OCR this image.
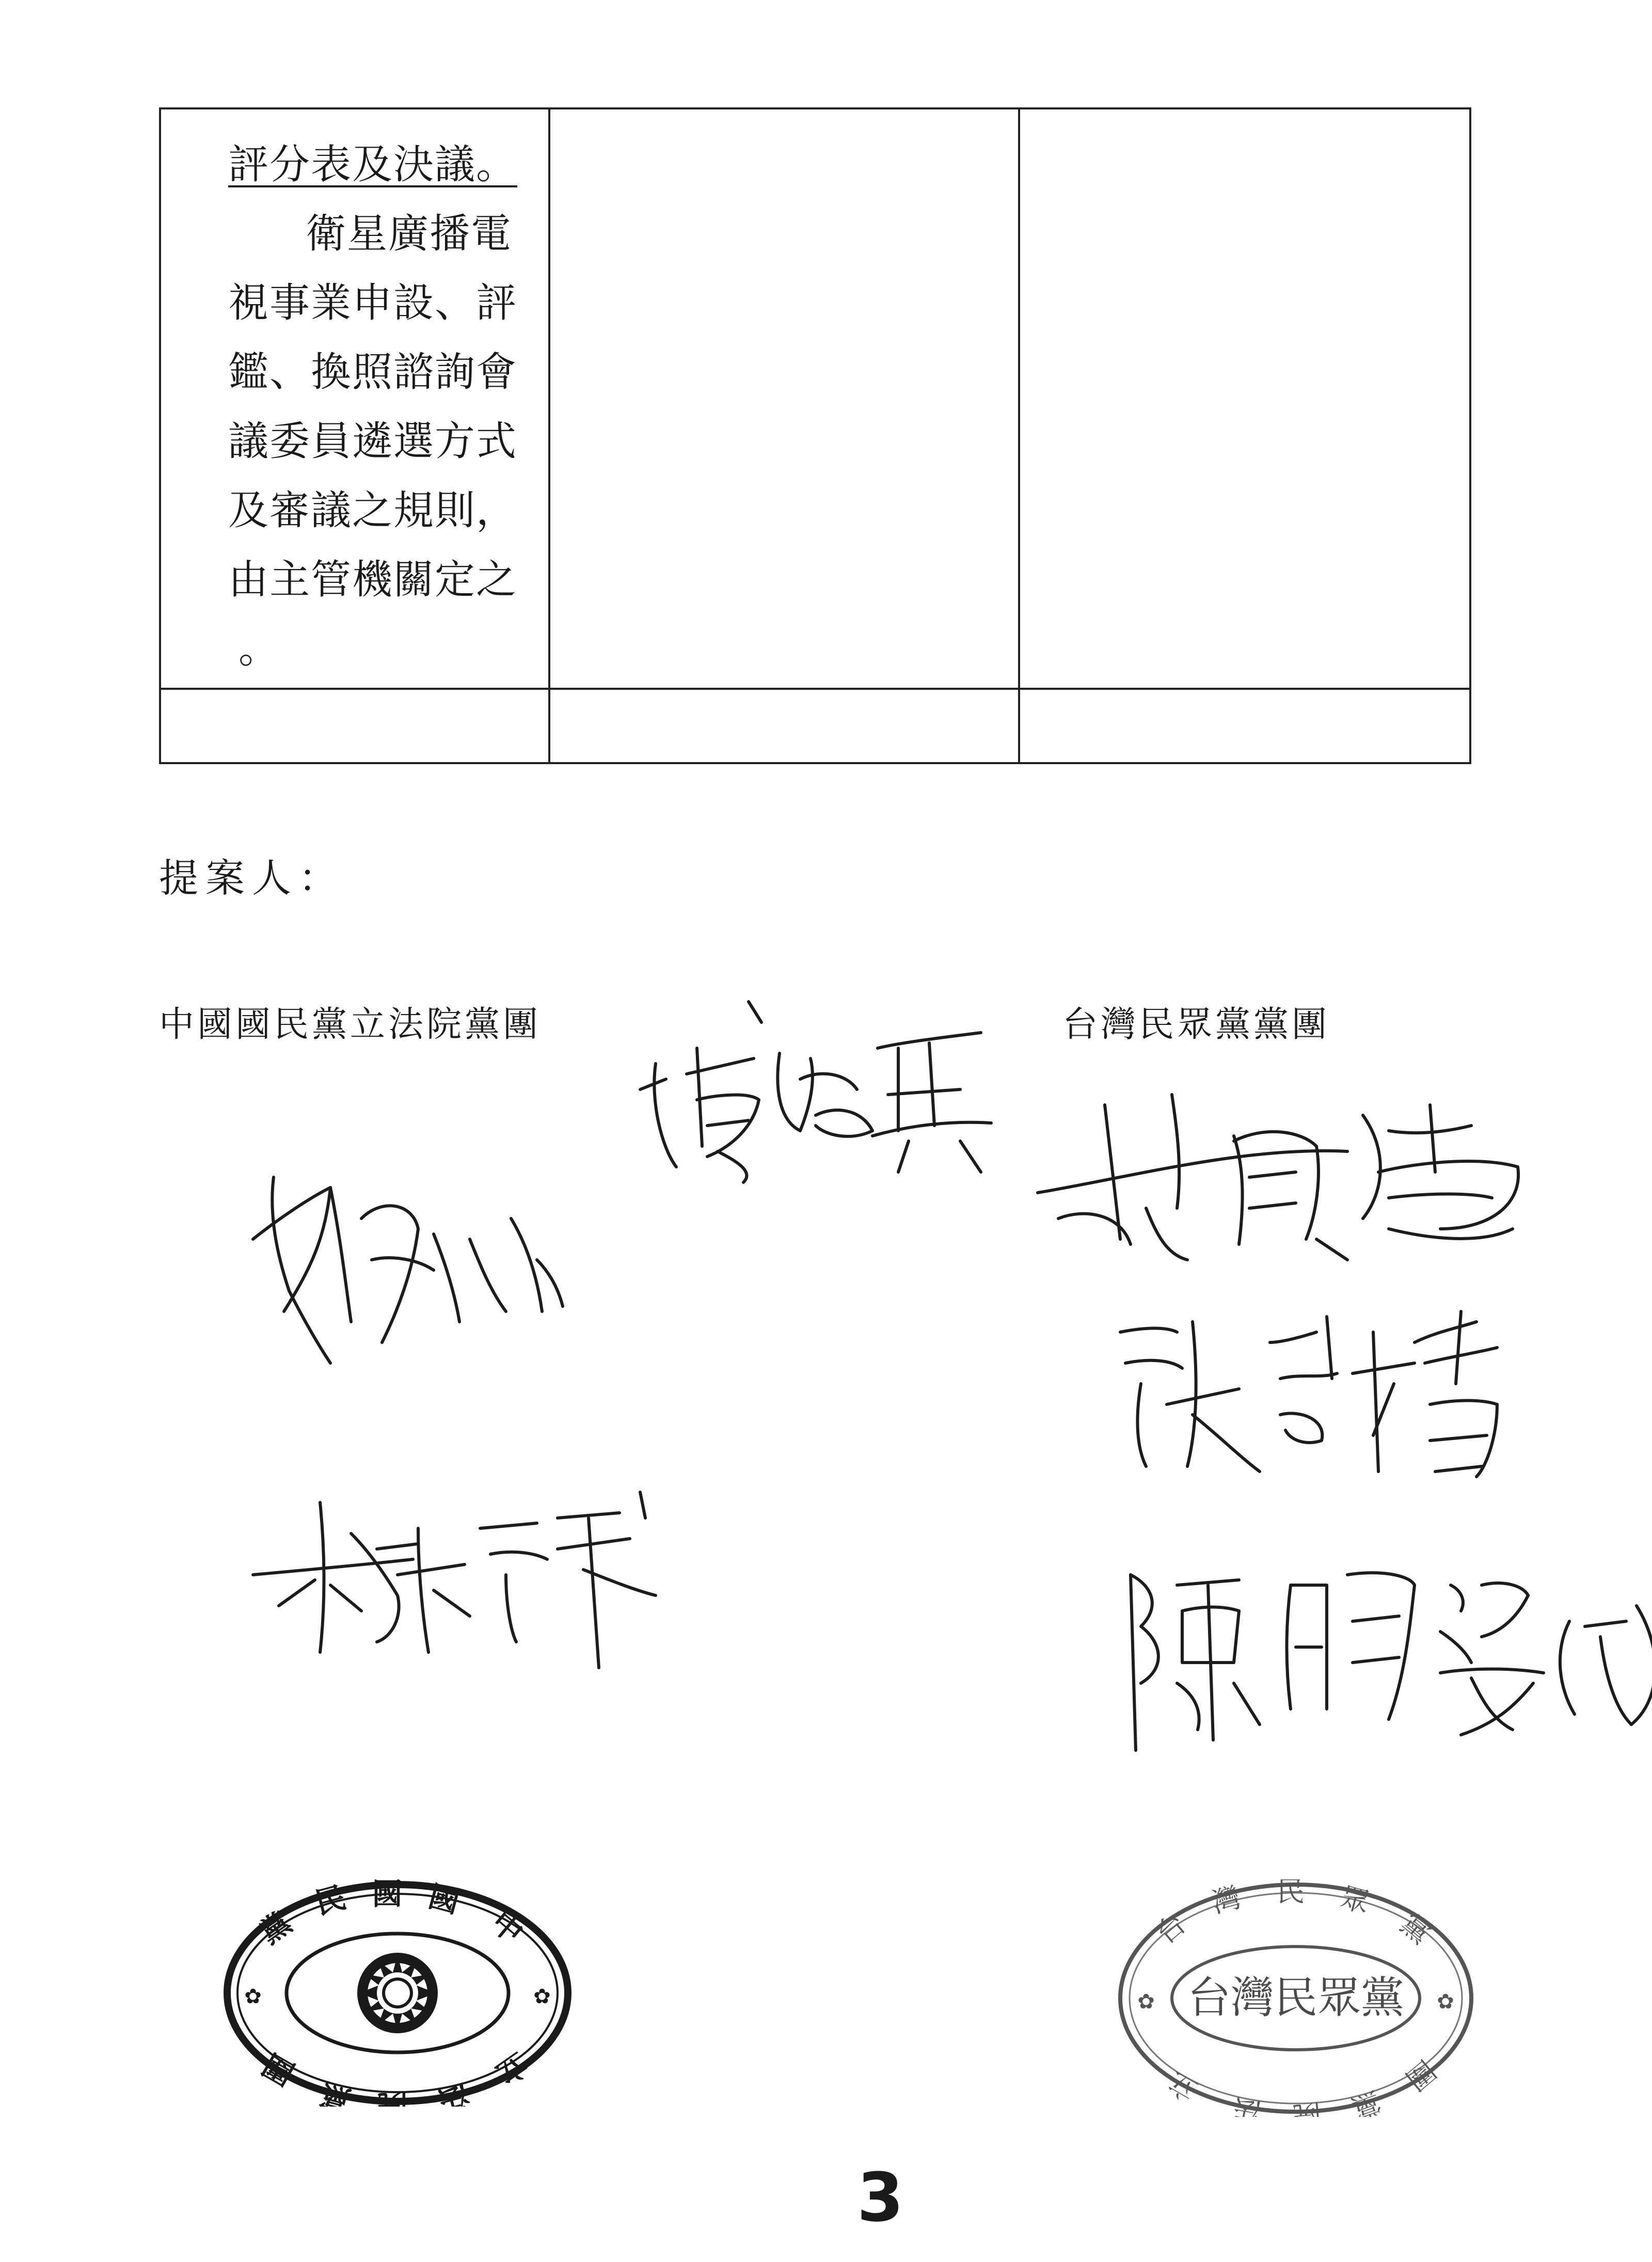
評分表及決議。
衛星廣播電
視事業申設、評
鑑、換照諮詢會
議委員遴選方式
及審議之規則，
由主管機關定之
。
提案人：
中國國民黨立法院黨團	台灣民眾黨黨團
黨
民 國 國
中
團
黨 院 法
立
✿	✿	台灣民眾黨
台
灣 民 眾
黨
立
法 院 黨
團
✿	✿
3
